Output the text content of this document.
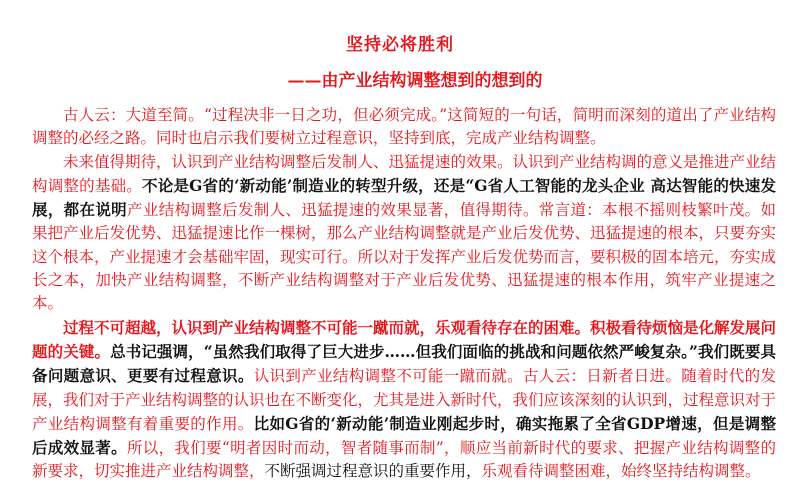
坚持必将胜利
——由产业结构调整想到的想到的

古人云：大道至简。“过程决非一日之功，但必须完成。”这简短的一句话，简明而深刻的道出了产业结构调整的必经之路。同时也启示我们要树立过程意识，坚持到底，完成产业结构调整。

未来值得期待，认识到产业结构调整后发制人、迅猛提速的效果。认识到产业结构调的意义是推进产业结构调整的基础。不论是G省的‘新动能’制造业的转型升级，还是“G省人工智能的龙头企业 高达智能的快速发展，都在说明产业结构调整后发制人、迅猛提速的效果显著，值得期待。常言道：本根不摇则枝繁叶茂。如果把产业后发优势、迅猛提速比作一棵树，那么产业结构调整就是产业后发优势、迅猛提速的根本，只要夯实这个根本，产业提速才会基础牢固，现实可行。所以对于发挥产业后发优势而言，要积极的固本培元，夯实成长之本，加快产业结构调整，不断产业结构调整对于产业后发优势、迅猛提速的根本作用，筑牢产业提速之本。

过程不可超越，认识到产业结构调整不可能一蹴而就，乐观看待存在的困难。积极看待烦恼是化解发展问题的关键。总书记强调，“虽然我们取得了巨大进步……但我们面临的挑战和问题依然严峻复杂。”我们既要具备问题意识、更要有过程意识。认识到产业结构调整不可能一蹴而就。古人云：日新者日进。随着时代的发展，我们对于产业结构调整的认识也在不断变化，尤其是进入新时代，我们应该深刻的认识到，过程意识对于产业结构调整有着重要的作用。比如G省的‘新动能’制造业刚起步时，确实拖累了全省GDP增速，但是调整后成效显著。所以，我们要“明者因时而动，智者随事而制”，顺应当前新时代的要求、把握产业结构调整的新要求，切实推进产业结构调整，不断强调过程意识的重要作用，乐观看待调整困难，始终坚持结构调整。
